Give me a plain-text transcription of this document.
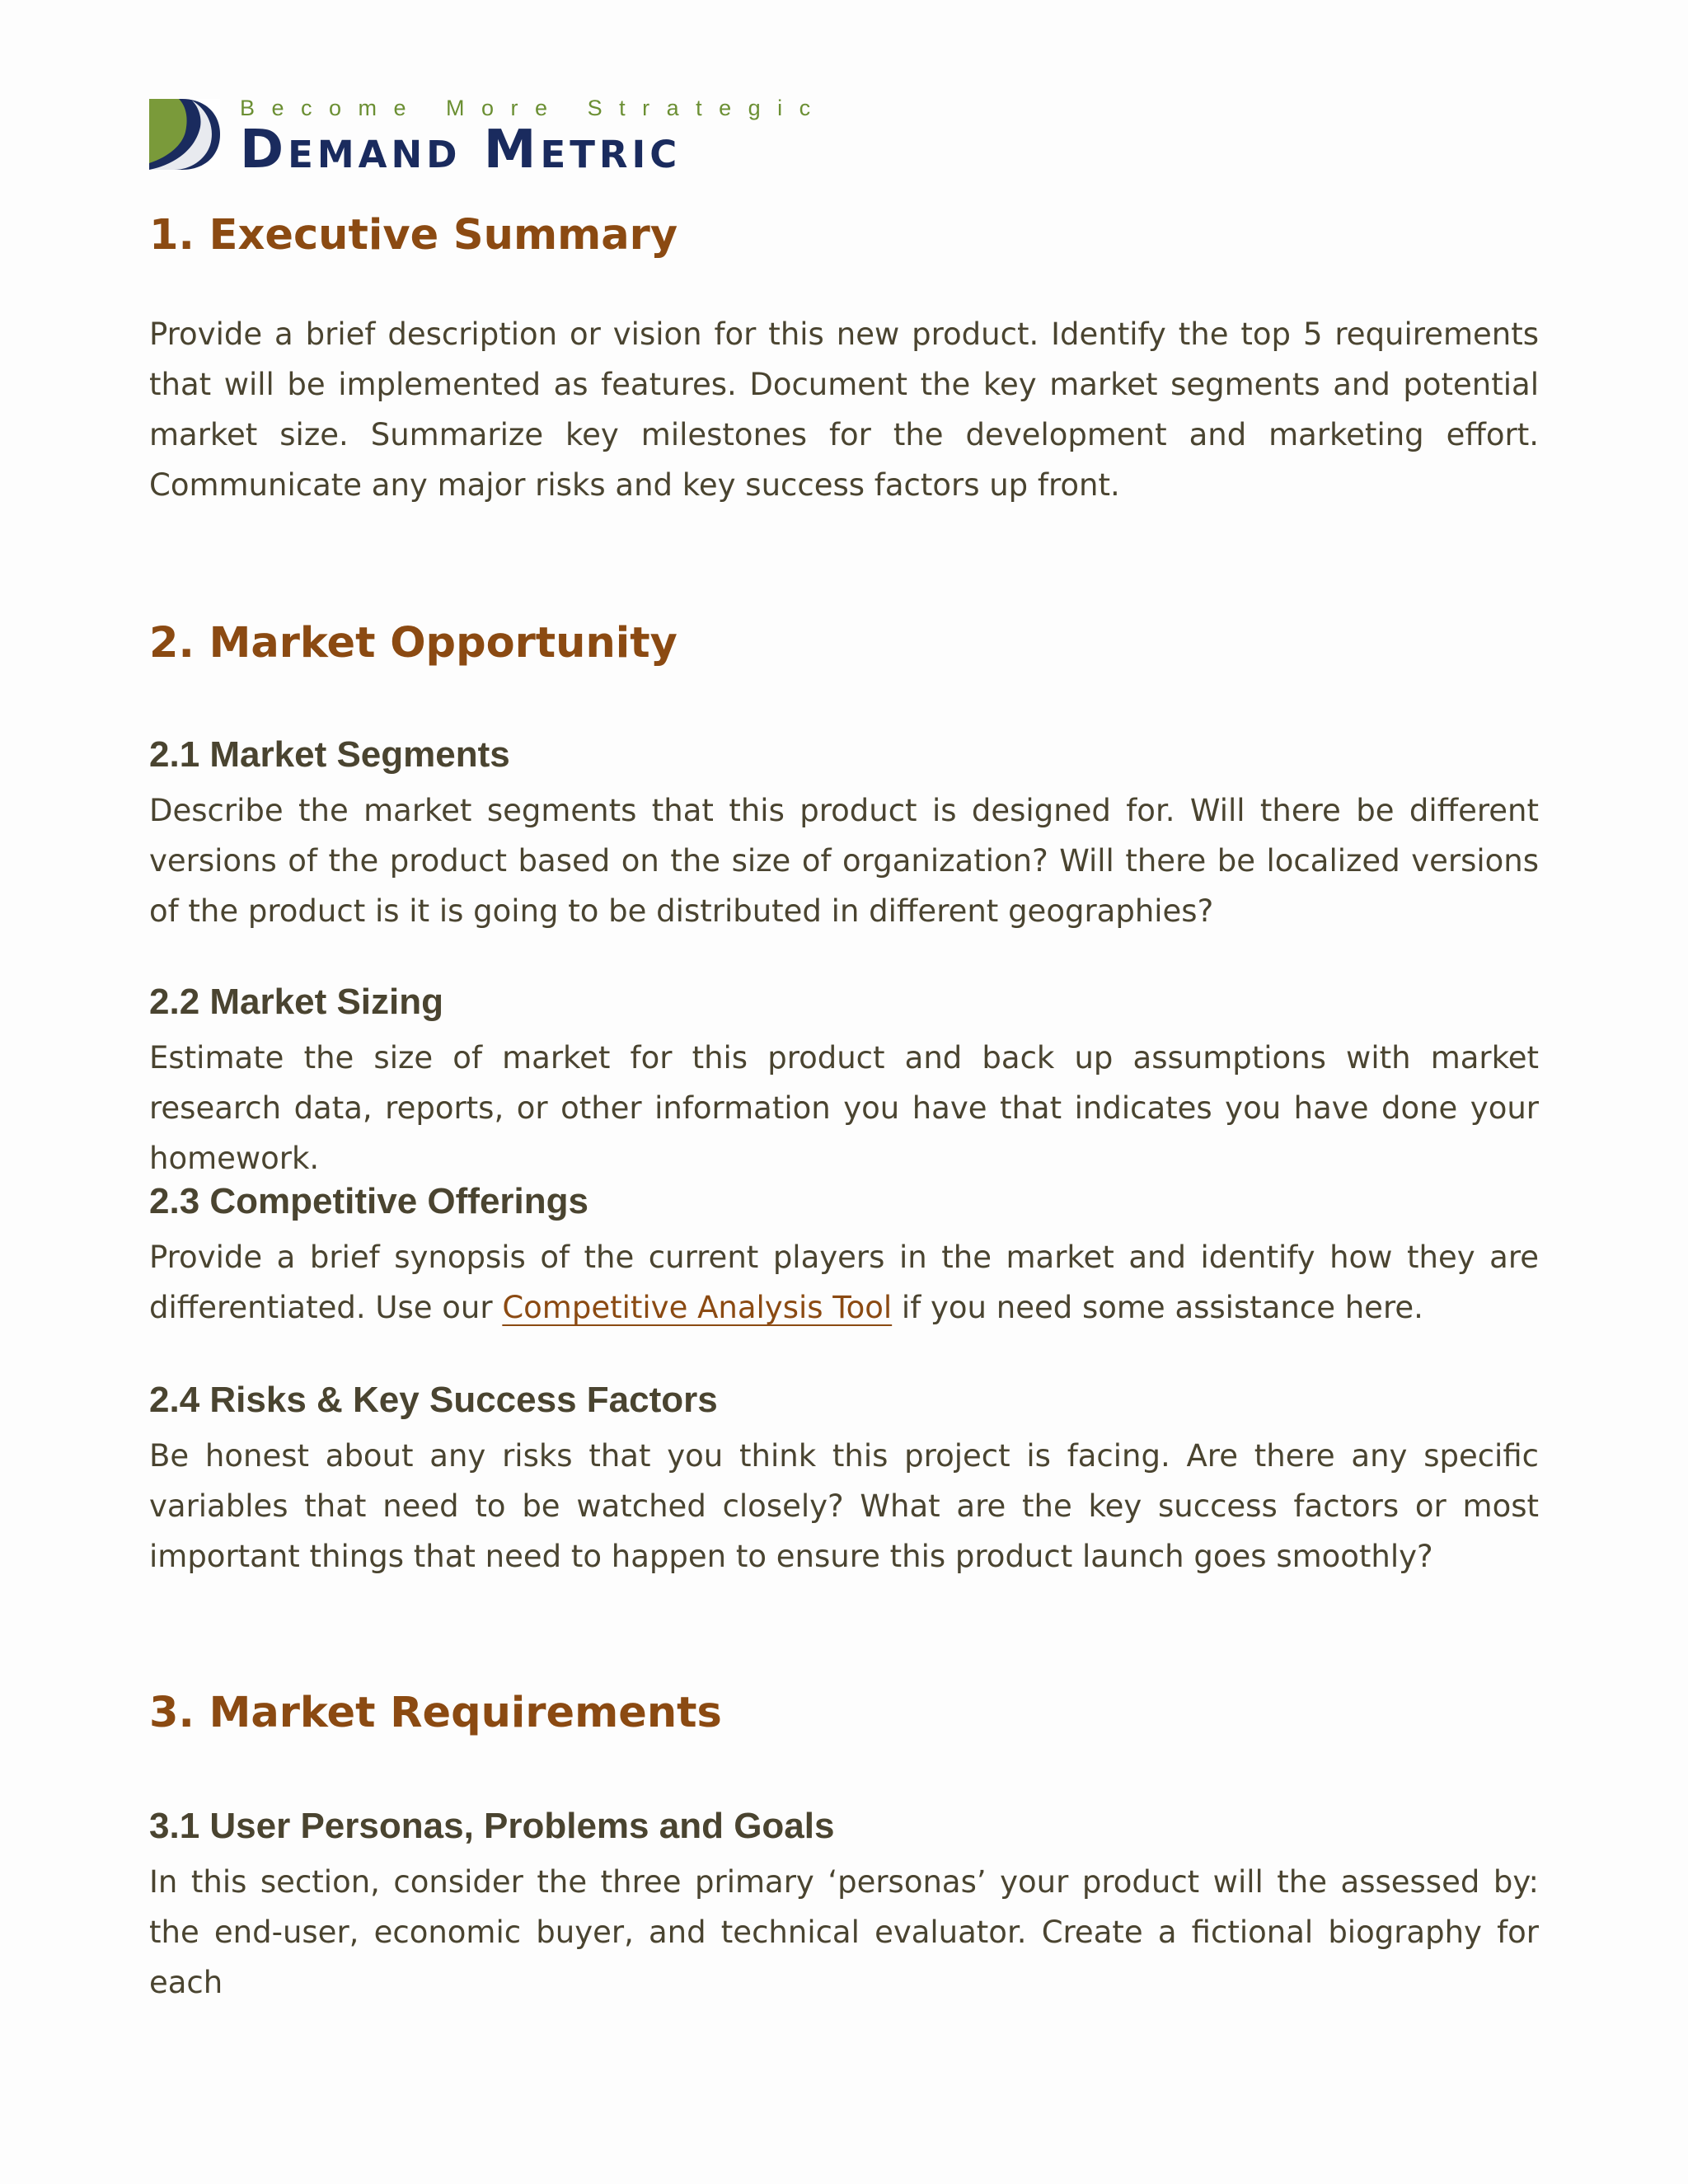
Become More Strategic
Demand Metric
1. Executive Summary

Provide a brief description or vision for this new product. Identify the top 5 requirements that will be implemented as features. Document the key market segments and potential market size. Summarize key milestones for the development and marketing effort. Communicate any major risks and key success factors up front.

2. Market Opportunity
2.1 Market Segments

Describe the market segments that this product is designed for. Will there be different versions of the product based on the size of organization? Will there be localized versions of the product is it is going to be distributed in different geographies?

2.2 Market Sizing

Estimate the size of market for this product and back up assumptions with market research data, reports, or other information you have that indicates you have done your homework.

2.3 Competitive Offerings

Provide a brief synopsis of the current players in the market and identify how they are differentiated. Use our Competitive Analysis Tool if you need some assistance here.

2.4 Risks & Key Success Factors

Be honest about any risks that you think this project is facing. Are there any specific variables that need to be watched closely? What are the key success factors or most important things that need to happen to ensure this product launch goes smoothly?

3. Market Requirements
3.1 User Personas, Problems and Goals

In this section, consider the three primary ‘personas’ your product will the assessed by: the end-user, economic buyer, and technical evaluator. Create a fictional biography for each
